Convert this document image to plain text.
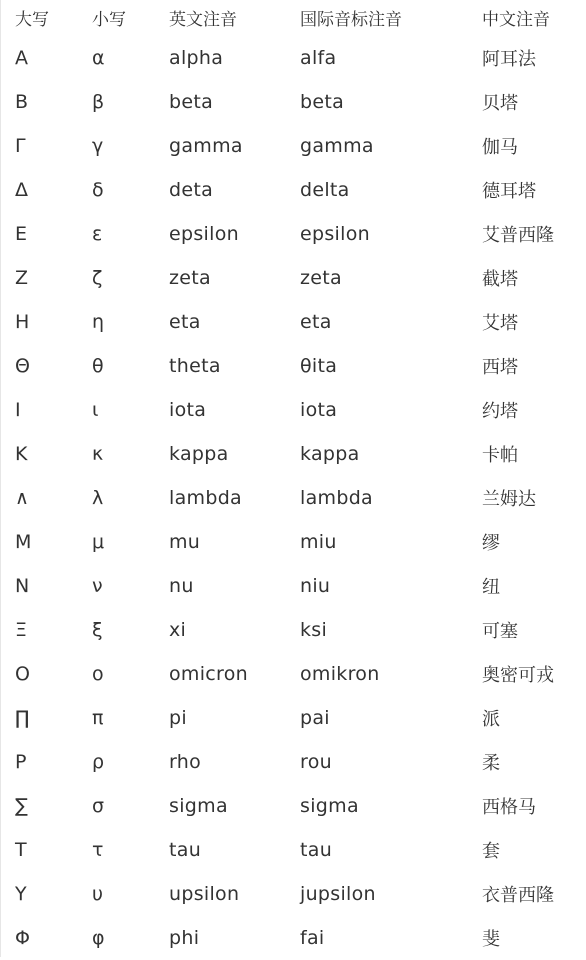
大写	小写	英文注音	国际音标注音	中文注音
Α	α	alpha	alfa	阿耳法
Β	β	beta	beta	贝塔
Γ	γ	gamma	gamma	伽马
Δ	δ	deta	delta	德耳塔
Ε	ε	epsilon	epsilon	艾普西隆
Ζ	ζ	zeta	zeta	截塔
Η	η	eta	eta	艾塔
Θ	θ	theta	θita	西塔
Ι	ι	iota	iota	约塔
Κ	κ	kappa	kappa	卡帕
∧	λ	lambda	lambda	兰姆达
Μ	μ	mu	miu	缪
Ν	ν	nu	niu	纽
Ξ	ξ	xi	ksi	可塞
Ο	ο	omicron	omikron	奥密可戎
∏	π	pi	pai	派
Ρ	ρ	rho	rou	柔
∑	σ	sigma	sigma	西格马
Τ	τ	tau	tau	套
Υ	υ	upsilon	jupsilon	衣普西隆
Φ	φ	phi	fai	斐
